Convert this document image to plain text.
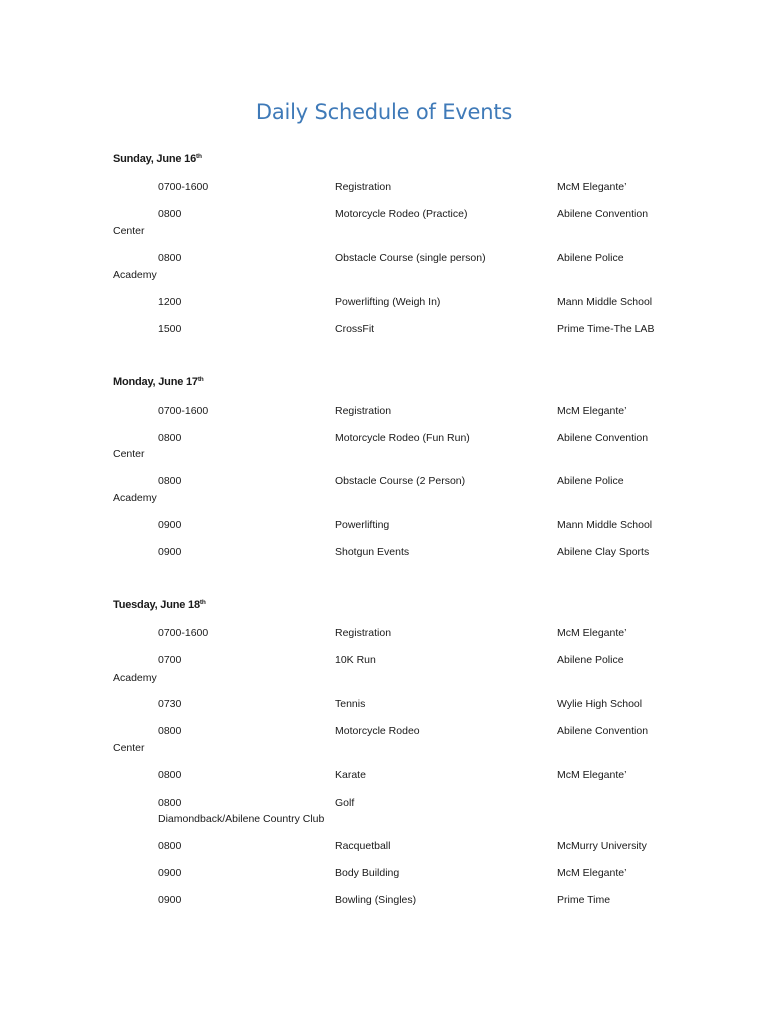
Daily Schedule of Events
Sunday, June 16th
0700-1600	Registration	McM Elegante’
0800	Motorcycle Rodeo (Practice)	Abilene Convention
Center
0800	Obstacle Course (single person)	Abilene Police
Academy
1200	Powerlifting (Weigh In)	Mann Middle School
1500	CrossFit	Prime Time-The LAB
Monday, June 17th
0700-1600	Registration	McM Elegante’
0800	Motorcycle Rodeo (Fun Run)	Abilene Convention
Center
0800	Obstacle Course (2 Person)	Abilene Police
Academy
0900	Powerlifting	Mann Middle School
0900	Shotgun Events	Abilene Clay Sports
Tuesday, June 18th
0700-1600	Registration	McM Elegante’
0700	10K Run	Abilene Police
Academy
0730	Tennis	Wylie High School
0800	Motorcycle Rodeo	Abilene Convention
Center
0800	Karate	McM Elegante’
0800	Golf
Diamondback/Abilene Country Club
0800	Racquetball	McMurry University
0900	Body Building	McM Elegante’
0900	Bowling (Singles)	Prime Time
